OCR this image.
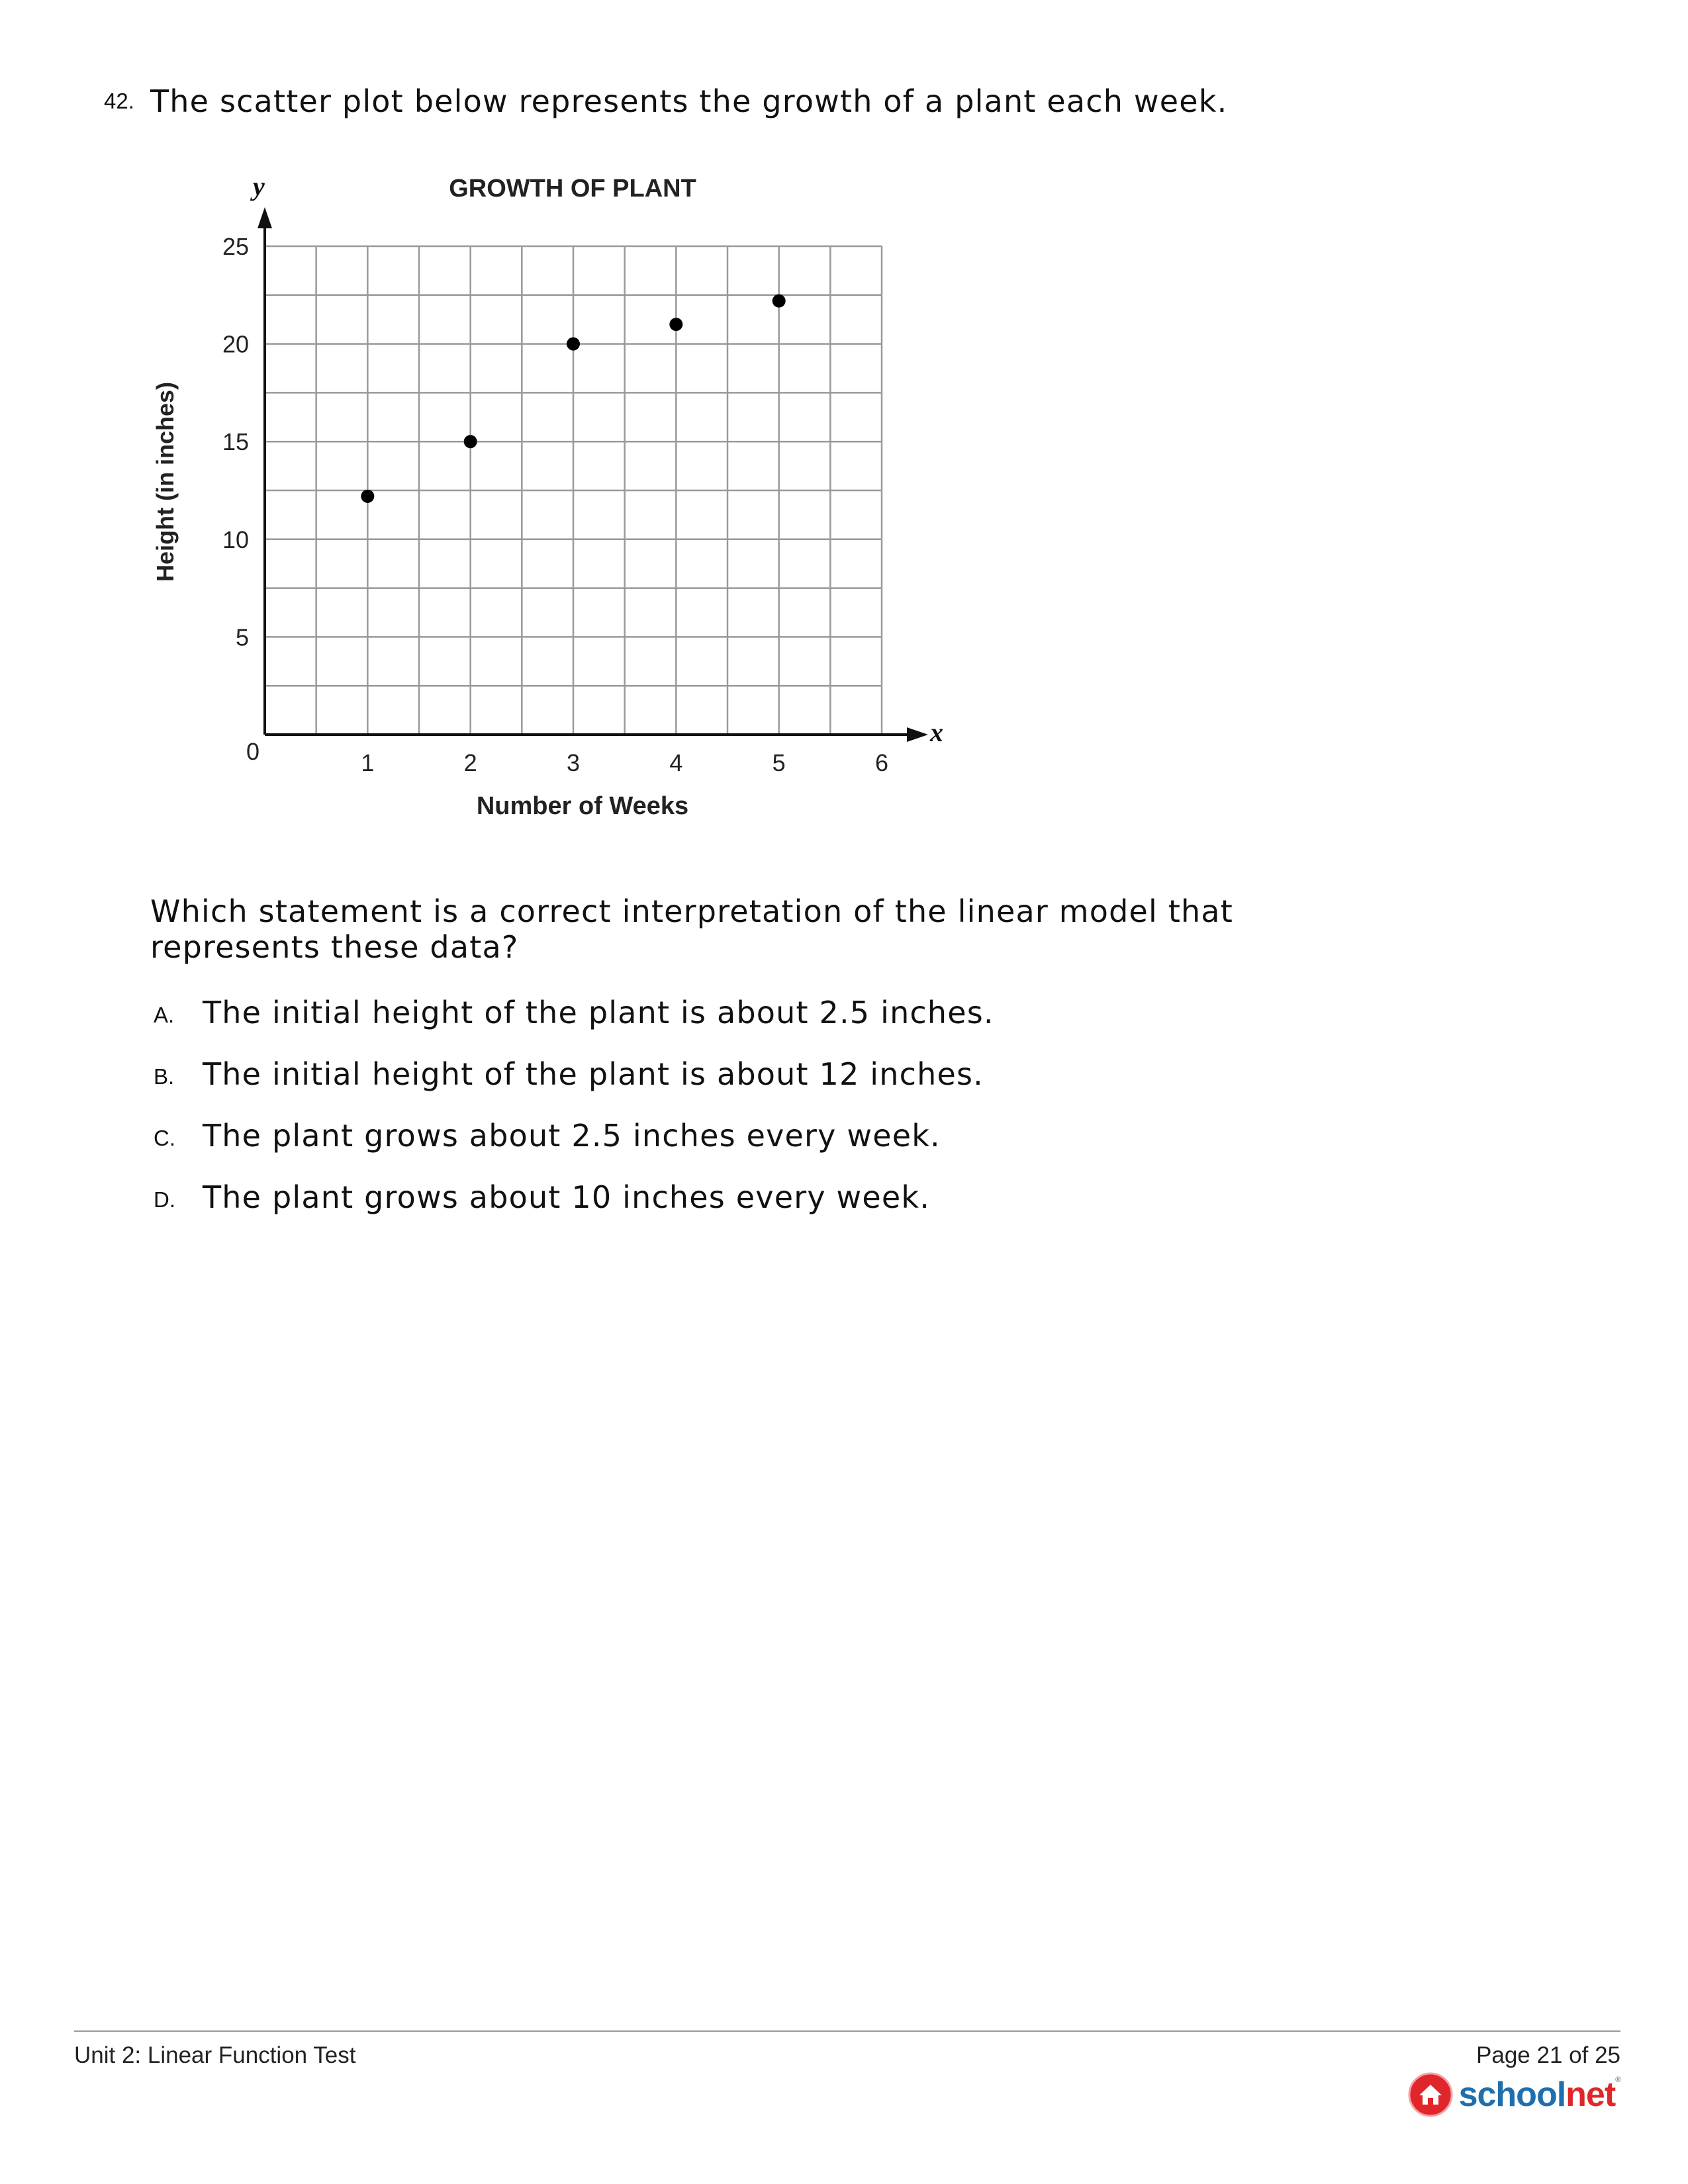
42. The scatter plot below represents the growth of a plant each week.
1	2	3	4	5	6
5
10
15
20
25
GROWTH OF PLANT
Number of Weeks
Height (in inches)
x
y
0
Which statement is a correct interpretation of the linear model that represents these data?
A. The initial height of the plant is about 2.5 inches.
B. The initial height of the plant is about 12 inches.
C. The plant grows about 2.5 inches every week.
D. The plant grows about 10 inches every week.
Unit 2: Linear Function Test	Page 21 of 25
schoolnet®
